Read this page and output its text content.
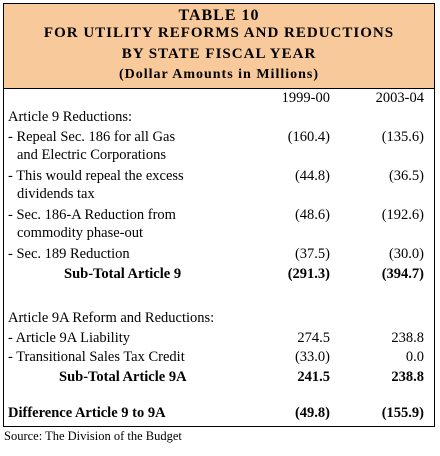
TABLE 10
FOR UTILITY REFORMS AND REDUCTIONS
BY STATE FISCAL YEAR
(Dollar Amounts in Millions)
1999-00	2003-04
Article 9 Reductions:
- Repeal Sec. 186 for all Gas
and Electric Corporations
(160.4)	(135.6)
- This would repeal the excess
dividends tax
(44.8)	(36.5)
- Sec. 186-A Reduction from
commodity phase-out
(48.6)	(192.6)
- Sec. 189 Reduction	(37.5)	(30.0)
Sub-Total Article 9	(291.3)	(394.7)
Article 9A Reform and Reductions:
- Article 9A Liability	274.5	238.8
- Transitional Sales Tax Credit	(33.0)	0.0
Sub-Total Article 9A	241.5	238.8
Difference Article 9 to 9A	(49.8)	(155.9)
Source: The Division of the Budget
